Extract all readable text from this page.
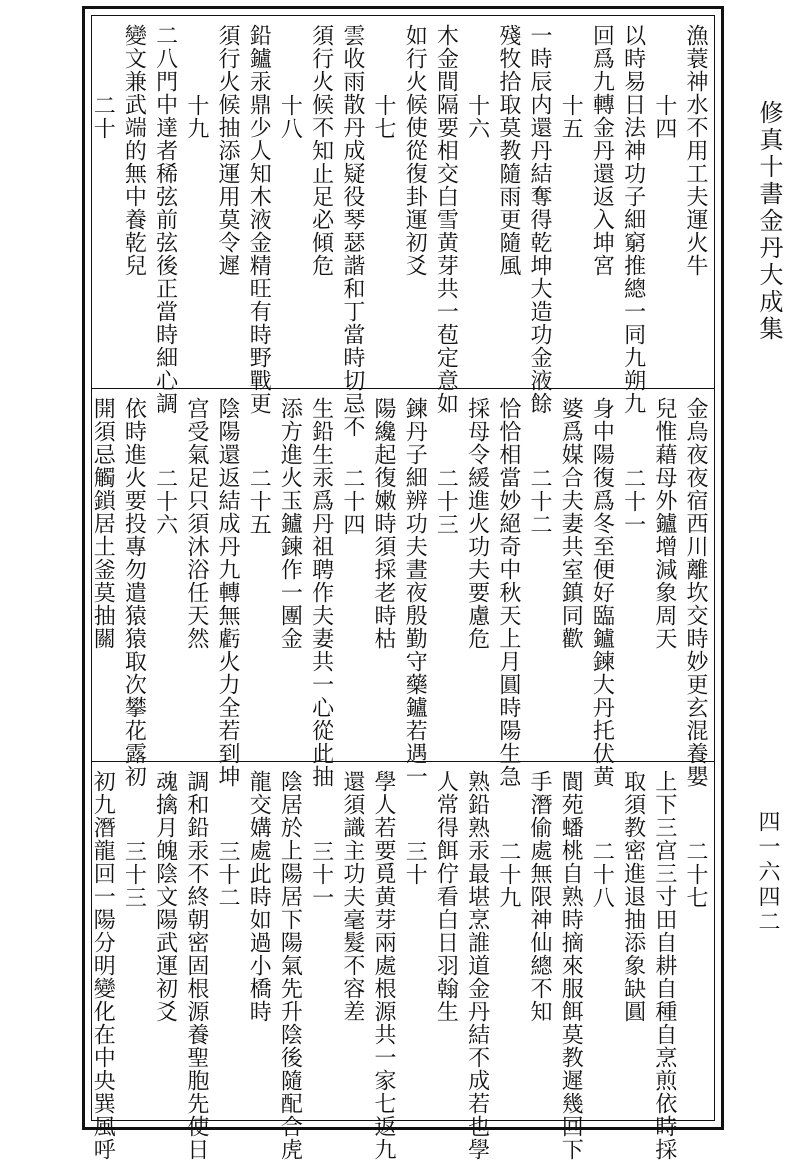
漁蓑神水不用工夫運火牛
十四
以時易日法神功子細窮推總一同九朔九
回爲九轉金丹還返入坤宮
十五
一時辰内還丹結奪得乾坤大造功金液餘
殘牧拾取莫教隨雨更隨風
十六
木金間隔要相交白雪黄芽共一苞定意如
如行火候使從復卦運初爻
十七
雲收雨散丹成疑役琴瑟諧和丁當時切忌不
須行火候不知止足必傾危
十八
鉛鑪汞鼎少人知木液金精旺有時野戰更
須行火候抽添運用莫令遲
十九
二八門中達者稀弦前弦後正當時細心調
變文兼武端的無中養乾兒
二十
金烏夜夜宿西川離坎交時妙更玄混養嬰
兒惟藉母外鑪增減象周天
二十一
身中陽復爲冬至便好臨鑪鍊大丹托伏黄
婆爲媒合夫妻共室鎮同歡
二十二
恰恰相當妙絕奇中秋天上月圓時陽生急
採母令緩進火功夫要慮危
二十三
鍊丹子細辨功夫晝夜殷勤守藥鑪若遇一
陽纔起復嫩時須採老時枯
二十四
生鉛生汞爲丹祖聘作夫妻共一心從此抽
添方進火玉鑪鍊作一團金
二十五
陰陽還返結成丹九轉無虧火力全若到坤
宫受氣足只須沐浴任天然
二十六
依時進火要投專勿遣猿猿取次攀花露初
開須忌觸鎖居土釜莫抽關
二十七
上下三宫三寸田自耕自種自烹煎依時採
取須教密進退抽添象缺圓
二十八
閬苑蟠桃自熟時摘來服餌莫教遲幾回下
手潛偷處無限神仙總不知
二十九
熟鉛熟汞最堪烹誰道金丹結不成若也學
人常得餌佇看白日羽翰生
三十
學人若要覓黄芽兩處根源共一家七返九
還須識主功夫毫髮不容差
三十一
陰居於上陽居下陽氣先升陰後隨配合虎
龍交媾處此時如過小橋時
三十二
調和鉛汞不終朝密固根源養聖胞先使日
魂擒月魄陰文陽武運初爻
三十三
初九潛龍回一陽分明變化在中央巽風呼
修真十書金丹大成集
四一六四二
